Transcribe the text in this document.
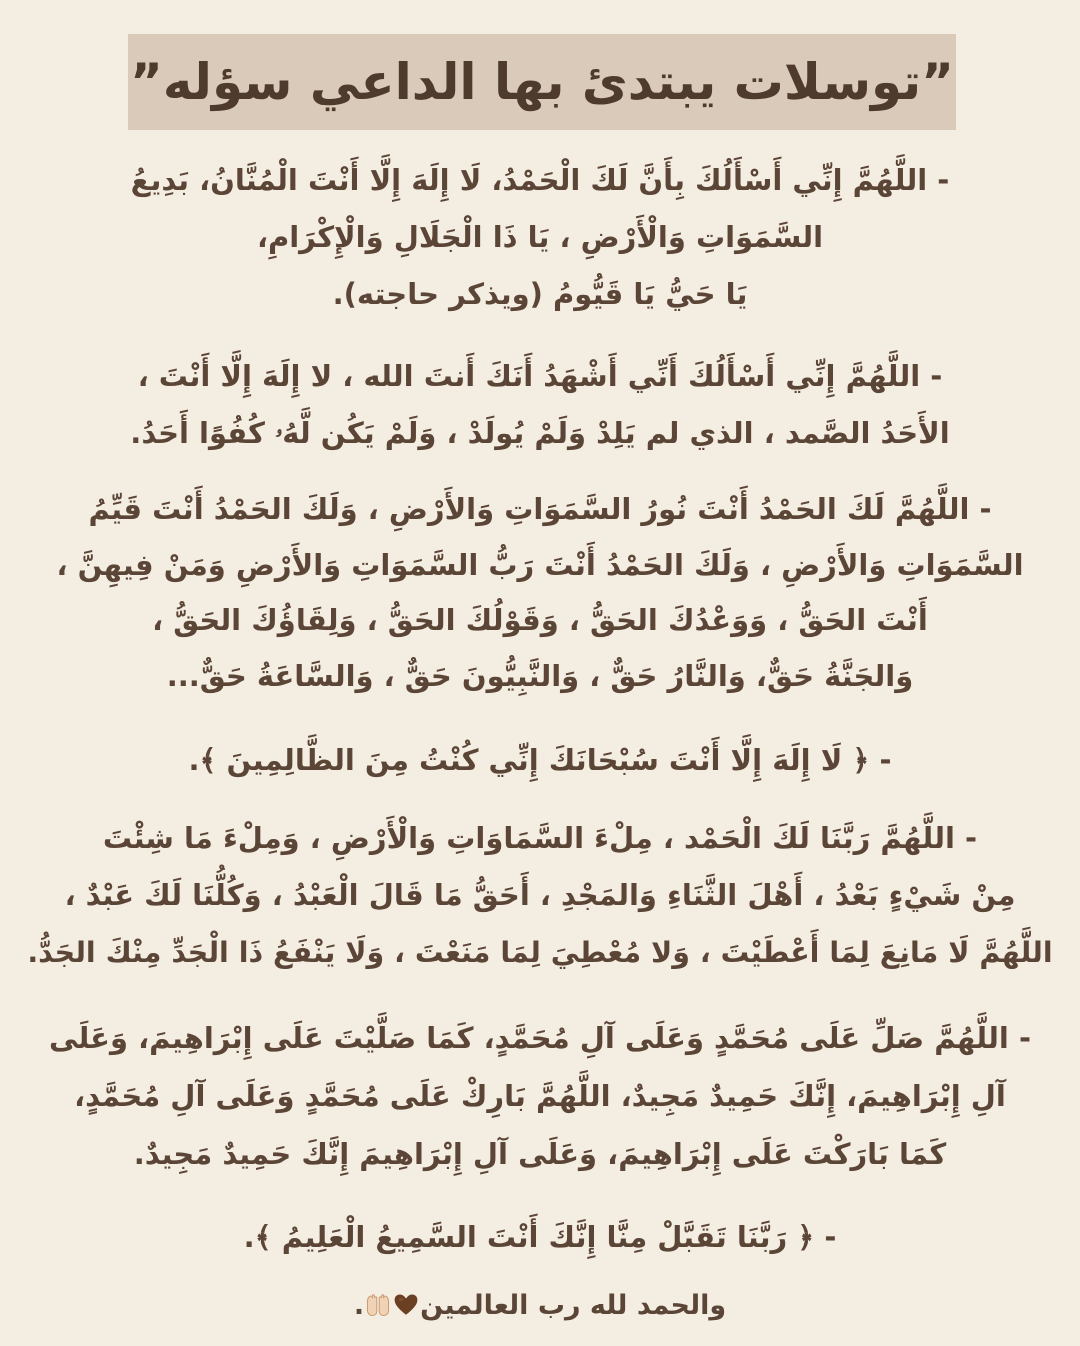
”توسلات يبتدئ بها الداعي سؤله”
- اللَّهُمَّ إِنِّي أَسْأَلُكَ بِأَنَّ لَكَ الْحَمْدُ، لَا إِلَهَ إِلَّا أَنْتَ الْمُنَّانُ، بَدِيعُ
السَّمَوَاتِ وَالْأَرْضِ ، يَا ذَا الْجَلَالِ وَالْإِكْرَامِ،
يَا حَيُّ يَا قَيُّومُ (ويذكر حاجته).
- اللَّهُمَّ إِنِّي أَسْأَلُكَ أَنِّي أَشْهَدُ أَنَكَ أَنتَ الله ، لا إِلَهَ إِلَّا أَنْتَ ،
الأَحَدُ الصَّمد ، الذي لم يَلِدْ وَلَمْ يُولَدْ ، وَلَمْ يَكُن لَّهُۥ كُفُوًا أَحَدُ.
- اللَّهُمَّ لَكَ الحَمْدُ أَنْتَ نُورُ السَّمَوَاتِ وَالأَرْضِ ، وَلَكَ الحَمْدُ أَنْتَ قَيِّمُ
السَّمَوَاتِ وَالأَرْضِ ، وَلَكَ الحَمْدُ أَنْتَ رَبُّ السَّمَوَاتِ وَالأَرْضِ وَمَنْ فِيهِنَّ ،
أَنْتَ الحَقُّ ، وَوَعْدُكَ الحَقُّ ، وَقَوْلُكَ الحَقُّ ، وَلِقَاؤُكَ الحَقُّ ،
وَالجَنَّةُ حَقٌّ، وَالنَّارُ حَقٌّ ، وَالنَّبِيُّونَ حَقٌّ ، وَالسَّاعَةُ حَقٌّ...
- ﴿ لَا إِلَهَ إِلَّا أَنْتَ سُبْحَانَكَ إِنِّي كُنْتُ مِنَ الظَّالِمِينَ ﴾.
- اللَّهُمَّ رَبَّنَا لَكَ الْحَمْد ، مِلْءَ السَّمَاوَاتِ وَالْأَرْضِ ، وَمِلْءَ مَا شِئْتَ
مِنْ شَيْءٍ بَعْدُ ، أَهْلَ الثَّنَاءِ وَالمَجْدِ ، أَحَقُّ مَا قَالَ الْعَبْدُ ، وَكُلُّنَا لَكَ عَبْدٌ ،
اللَّهُمَّ لَا مَانِعَ لِمَا أَعْطَيْتَ ، وَلا مُعْطِيَ لِمَا مَنَعْتَ ، وَلَا يَنْفَعُ ذَا الْجَدِّ مِنْكَ الجَدُّ.
- اللَّهُمَّ صَلِّ عَلَى مُحَمَّدٍ وَعَلَى آلِ مُحَمَّدٍ، كَمَا صَلَّيْتَ عَلَى إِبْرَاهِيمَ، وَعَلَى
آلِ إِبْرَاهِيمَ، إِنَّكَ حَمِيدٌ مَجِيدٌ، اللَّهُمَّ بَارِكْ عَلَى مُحَمَّدٍ وَعَلَى آلِ مُحَمَّدٍ،
كَمَا بَارَكْتَ عَلَى إِبْرَاهِيمَ، وَعَلَى آلِ إِبْرَاهِيمَ إِنَّكَ حَمِيدٌ مَجِيدٌ.
- ﴿ رَبَّنَا تَقَبَّلْ مِنَّا إِنَّكَ أَنْتَ السَّمِيعُ الْعَلِيمُ ﴾.
والحمد لله رب العالمين
.
